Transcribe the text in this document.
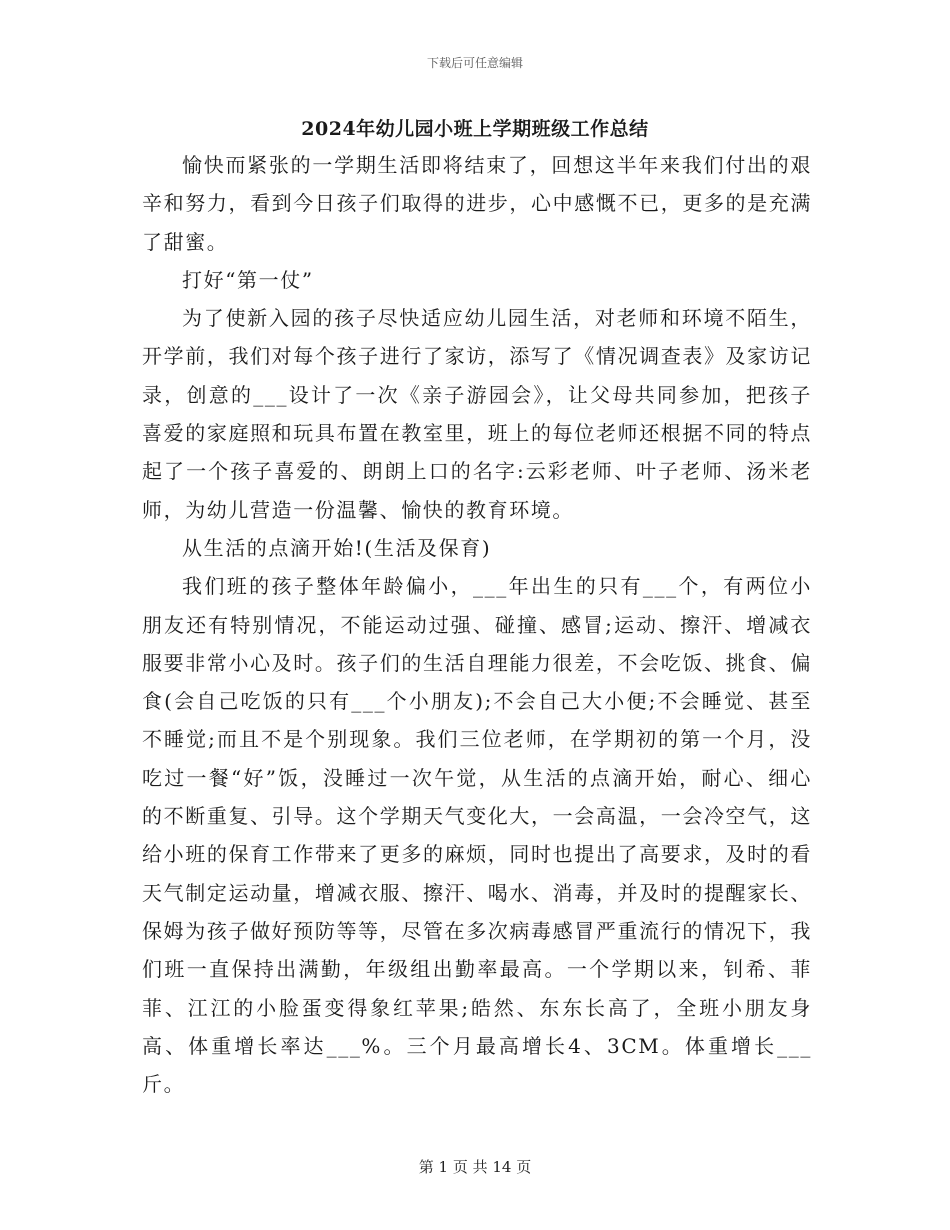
下载后可任意编辑
2024年幼儿园小班上学期班级工作总结

愉快而紧张的一学期生活即将结束了，回想这半年来我们付出的艰辛和努力，看到今日孩子们取得的进步，心中感慨不已，更多的是充满了甜蜜。

打好“第一仗”

为了使新入园的孩子尽快适应幼儿园生活，对老师和环境不陌生，开学前，我们对每个孩子进行了家访，添写了《情况调查表》及家访记录，创意的___设计了一次《亲子游园会》，让父母共同参加，把孩子喜爱的家庭照和玩具布置在教室里，班上的每位老师还根据不同的特点起了一个孩子喜爱的、朗朗上口的名字:云彩老师、叶子老师、汤米老师，为幼儿营造一份温馨、愉快的教育环境。

从生活的点滴开始!(生活及保育)

我们班的孩子整体年龄偏小，___年出生的只有___个，有两位小朋友还有特别情况，不能运动过强、碰撞、感冒;运动、擦汗、增减衣服要非常小心及时。孩子们的生活自理能力很差，不会吃饭、挑食、偏食(会自己吃饭的只有___个小朋友);不会自己大小便;不会睡觉、甚至不睡觉;而且不是个别现象。我们三位老师，在学期初的第一个月，没吃过一餐“好”饭，没睡过一次午觉，从生活的点滴开始，耐心、细心的不断重复、引导。这个学期天气变化大，一会高温，一会冷空气，这给小班的保育工作带来了更多的麻烦，同时也提出了高要求，及时的看天气制定运动量，增减衣服、擦汗、喝水、消毒，并及时的提醒家长、保姆为孩子做好预防等等，尽管在多次病毒感冒严重流行的情况下，我们班一直保持出满勤，年级组出勤率最高。一个学期以来，钊希、菲菲、江江的小脸蛋变得象红苹果;皓然、东东长高了，全班小朋友身高、体重增长率达___%。三个月最高增长4、3CM。体重增长___斤。

第 1 页 共 14 页
